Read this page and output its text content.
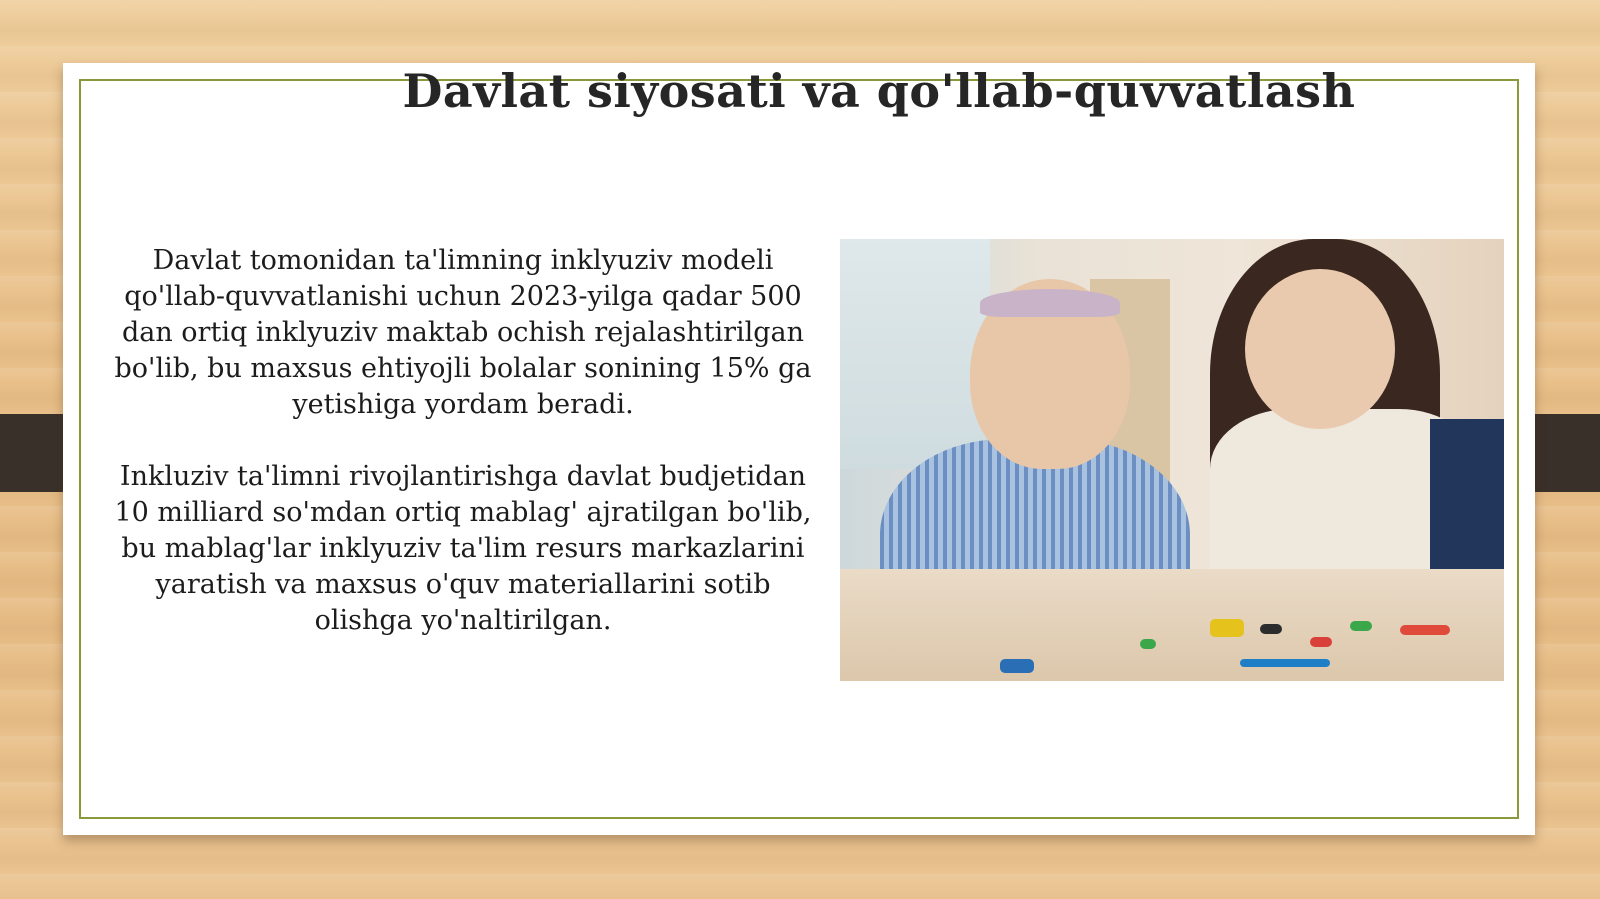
Davlat siyosati va qo'llab-quvvatlash

Davlat tomonidan ta'limning inklyuziv modeli qo'llab-quvvatlanishi uchun 2023-yilga qadar 500 dan ortiq inklyuziv maktab ochish rejalashtirilgan bo'lib, bu maxsus ehtiyojli bolalar sonining 15% ga yetishiga yordam beradi.

Inkluziv ta'limni rivojlantirishga davlat budjetidan 10 milliard so'mdan ortiq mablag' ajratilgan bo'lib, bu mablag'lar inklyuziv ta'lim resurs markazlarini yaratish va maxsus o'quv materiallarini sotib olishga yo'naltirilgan.
